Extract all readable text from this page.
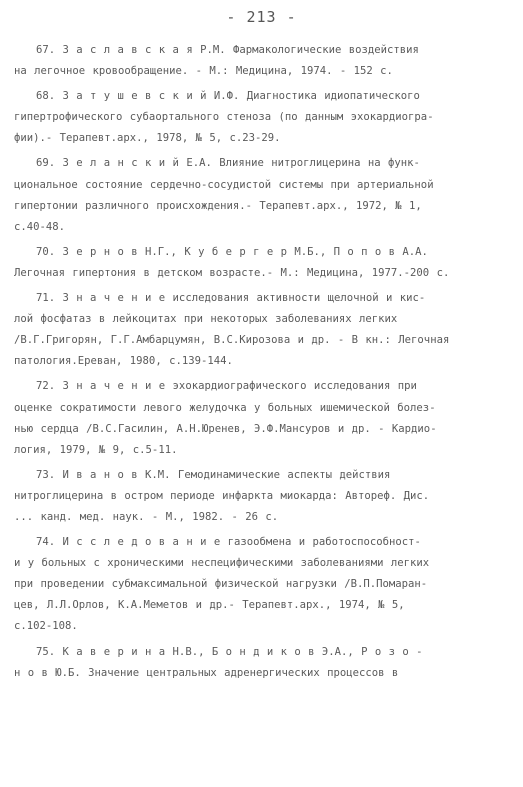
- 213 -
67. З а с л а в с к а я Р.М. Фармакологические воздействия
на легочное кровообращение. - М.: Медицина, 1974. - 152 с.
68. З а т у ш е в с к и й И.Ф. Диагностика идиопатического
гипертрофического субаортального стеноза (по данным эхокардиогра-
фии).- Терапевт.арх., 1978, № 5, с.23-29.
69. З е л а н с к и й Е.А. Влияние нитроглицерина на функ-
циональное состояние сердечно-сосудистой системы при артериальной
гипертонии различного происхождения.- Терапевт.арх., 1972, № 1,
с.40-48.
70. З е р н о в Н.Г., К у б е р г е р М.Б., П о п о в А.А.
Легочная гипертония в детском возрасте.- М.: Медицина, 1977.-200 с.
71. З н а ч е н и е исследования активности щелочной и кис-
лой фосфатаз в лейкоцитах при некоторых заболеваниях легких
/В.Г.Григорян, Г.Г.Амбарцумян, В.С.Кирозова и др. - В кн.: Легочная
патология.Ереван, 1980, с.139-144.
72. З н а ч е н и е эхокардиографического исследования при
оценке сократимости левого желудочка у больных ишемической болез-
нью сердца /В.С.Гасилин, А.Н.Юренев, Э.Ф.Мансуров и др. - Кардио-
логия, 1979, № 9, с.5-11.
73. И в а н о в К.М. Гемодинамические аспекты действия
нитроглицерина в остром периоде инфаркта миокарда: Автореф. Дис.
... канд. мед. наук. - М., 1982. - 26 с.
74. И с с л е д о в а н и е газообмена и работоспособност-
и у больных с хроническими неспецифическими заболеваниями легких
при проведении субмаксимальной физической нагрузки /В.П.Помаран-
цев, Л.Л.Орлов, К.А.Меметов и др.- Терапевт.арх., 1974, № 5,
с.102-108.
75. К а в е р и н а Н.В., Б о н д и к о в Э.А., Р о з о -
н о в Ю.Б. Значение центральных адренергических процессов в
